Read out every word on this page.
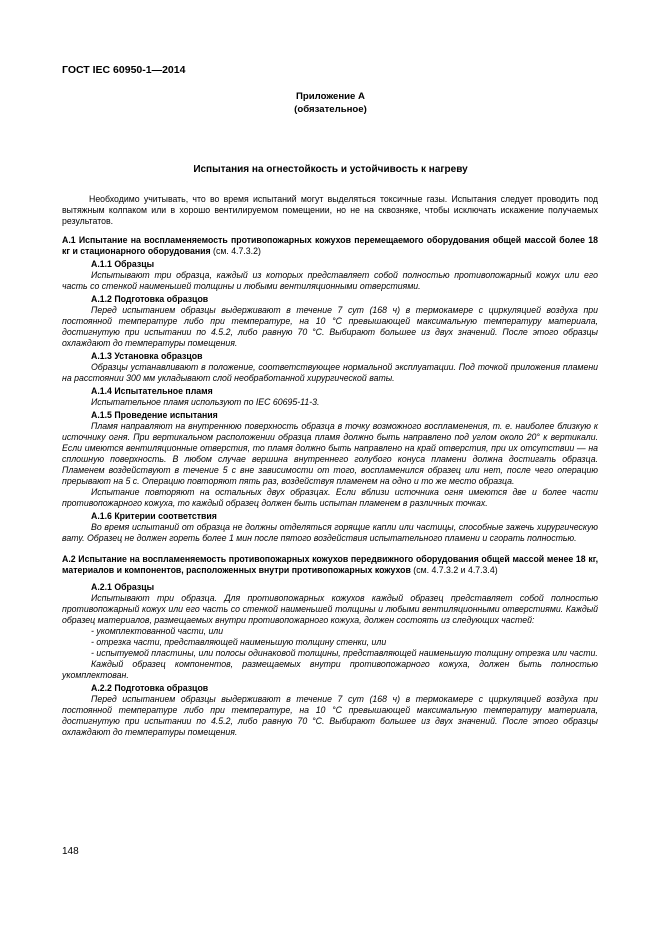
ГОСТ IEC 60950-1—2014

Приложение А
(обязательное)

Испытания на огнестойкость и устойчивость к нагреву

Необходимо учитывать, что во время испытаний могут выделяться токсичные газы. Испытания следует проводить под вытяжным колпаком или в хорошо вентилируемом помещении, но не на сквозняке, чтобы исключать искажение получаемых результатов.

А.1 Испытание на воспламеняемость противопожарных кожухов перемещаемого оборудования общей массой более 18 кг и стационарного оборудования (см. 4.7.3.2)

А.1.1 Образцы

Испытывают три образца, каждый из которых представляет собой полностью противопожарный кожух или его часть со стенкой наименьшей толщины и любыми вентиляционными отверстиями.

А.1.2 Подготовка образцов

Перед испытанием образцы выдерживают в течение 7 сут (168 ч) в термокамере с циркуляцией воздуха при постоянной температуре либо при температуре, на 10 °С превышающей максимальную температуру материала, достигнутую при испытании по 4.5.2, либо равную 70 °С. Выбирают большее из двух значений. После этого образцы охлаждают до температуры помещения.

А.1.3 Установка образцов

Образцы устанавливают в положение, соответствующее нормальной эксплуатации. Под точкой приложения пламени на расстоянии 300 мм укладывают слой необработанной хирургической ваты.

А.1.4 Испытательное пламя

Испытательное пламя используют по IEC 60695-11-3.

А.1.5 Проведение испытания

Пламя направляют на внутреннюю поверхность образца в точку возможного воспламенения, т. е. наиболее близкую к источнику огня. При вертикальном расположении образца пламя должно быть направлено под углом около 20° к вертикали. Если имеются вентиляционные отверстия, то пламя должно быть направлено на край отверстия, при их отсутствии — на сплошную поверхность. В любом случае вершина внутреннего голубого конуса пламени должна достигать образца. Пламенем воздействуют в течение 5 с вне зависимости от того, воспламенился образец или нет, после чего операцию прерывают на 5 с. Операцию повторяют пять раз, воздействуя пламенем на одно и то же место образца.

Испытание повторяют на остальных двух образцах. Если вблизи источника огня имеются две и более части противопожарного кожуха, то каждый образец должен быть испытан пламенем в различных точках.

А.1.6 Критерии соответствия

Во время испытаний от образца не должны отделяться горящие капли или частицы, способные зажечь хирургическую вату. Образец не должен гореть более 1 мин после пятого воздействия испытательного пламени и сгорать полностью.

А.2 Испытание на воспламеняемость противопожарных кожухов передвижного оборудования общей массой менее 18 кг, материалов и компонентов, расположенных внутри противопожарных кожухов (см. 4.7.3.2 и 4.7.3.4)

А.2.1 Образцы

Испытывают три образца. Для противопожарных кожухов каждый образец представляет собой полностью противопожарный кожух или его часть со стенкой наименьшей толщины и любыми вентиляционными отверстиями. Каждый образец материалов, размещаемых внутри противопожарного кожуха, должен состоять из следующих частей:

- укомплектованной части, или

- отрезка части, представляющей наименьшую толщину стенки, или

- испытуемой пластины, или полосы одинаковой толщины, представляющей наименьшую толщину отрезка или части.

Каждый образец компонентов, размещаемых внутри противопожарного кожуха, должен быть полностью укомплектован.

А.2.2 Подготовка образцов

Перед испытанием образцы выдерживают в течение 7 сут (168 ч) в термокамере с циркуляцией воздуха при постоянной температуре либо при температуре, на 10 °С превышающей максимальную температуру материала, достигнутую при испытании по 4.5.2, либо равную 70 °С. Выбирают большее из двух значений. После этого образцы охлаждают до температуры помещения.

148
